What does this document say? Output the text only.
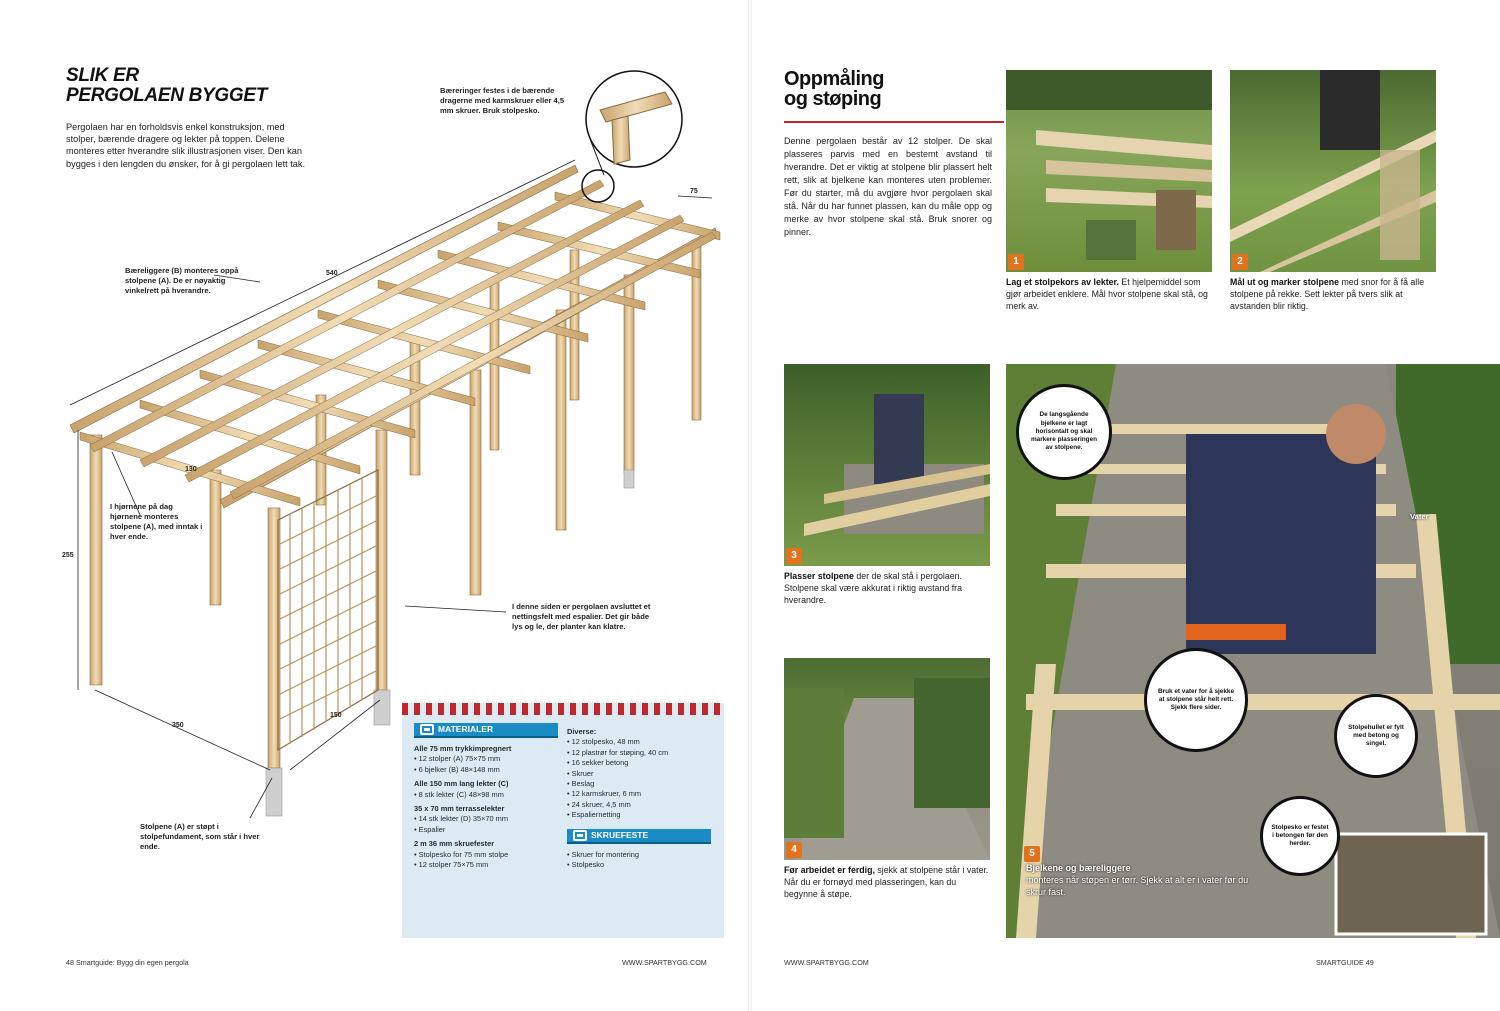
SLIK ER
PERGOLAEN BYGGET
Pergolaen har en forholdsvis enkel konstruksjon, med stolper, bærende dragere og lekter på toppen. Delene monteres etter hverandre slik illustrasjonen viser. Den kan bygges i den lengden du ønsker, for å gi pergolaen lett tak.
Bæreringer festes i de bærende dragerne med karmskruer eller 4,5 mm skruer. Bruk stolpesko.
Bæreliggere (B) monteres oppå stolpene (A). De er nøyaktig vinkelrett på hverandre.
I hjørnene på dag hjørnene monteres stolpene (A), med inntak i hver ende.
I denne siden er pergolaen avsluttet et nettingsfelt med espalier. Det gir både lys og le, der planter kan klatre.
Stolpene (A) er støpt i stolpefundament, som står i hver ende.
540
75
255
350
150
130
MATERIALER
Alle 75 mm trykkimpregnert
• 12 stolper (A) 75×75 mm
• 6 bjelker (B) 48×148 mm
Alle 150 mm lang lekter (C)
• 8 stk lekter (C) 48×98 mm
35 x 70 mm terrasselekter
• 14 stk lekter (D) 35×70 mm
• Espalier
2 m 36 mm skruefester
• Stolpesko for 75 mm stolpe
• 12 stolper 75×75 mm
Diverse:
• 12 stolpesko, 48 mm
• 12 plastrør for støping, 40 cm
• 16 sekker betong
• Skruer
• Beslag
• 12 karmskruer, 6 mm
• 24 skruer, 4,5 mm
• Espaliernetting
SKRUEFESTE
• Skruer for montering
• Stolpesko
48 Smartguide: Bygg din egen pergola	WWW.SPARTBYGG.COM
Oppmåling
og støping
Denne pergolaen består av 12 stolper. De skal plasseres parvis med en bestemt avstand til hverandre. Det er viktig at stolpene blir plassert helt rett, slik at bjelkene kan monteres uten problemer. Før du starter, må du avgjøre hvor pergolaen skal stå. Når du har funnet plassen, kan du måle opp og merke av hvor stolpene skal stå. Bruk snorer og pinner.
1
Lag et stolpekors av lekter. Et hjelpemiddel som gjør arbeidet enklere. Mål hvor stolpene skal stå, og merk av.
2
Mål ut og marker stolpene med snor for å få alle stolpene på rekke. Sett lekter på tvers slik at avstanden blir riktig.
3
Plasser stolpene der de skal stå i pergolaen. Stolpene skal være akkurat i riktig avstand fra hverandre.
4
Før arbeidet er ferdig, sjekk at stolpene står i vater. Når du er fornøyd med plasseringen, kan du begynne å støpe.
5
Bjelkene og bæreliggere
monteres når støpen er tørr. Sjekk at alt er i vater før du skrur fast.
De langsgående bjelkene er lagt horisontalt og skal markere plasseringen av stolpene.
Bruk et vater for å sjekke at stolpene står helt rett. Sjekk flere sider.
Stolpehullet er fylt med betong og singel.
Stolpesko er festet i betongen før den herder.
Vater
WWW.SPARTBYGG.COM	SMARTGUIDE 49
